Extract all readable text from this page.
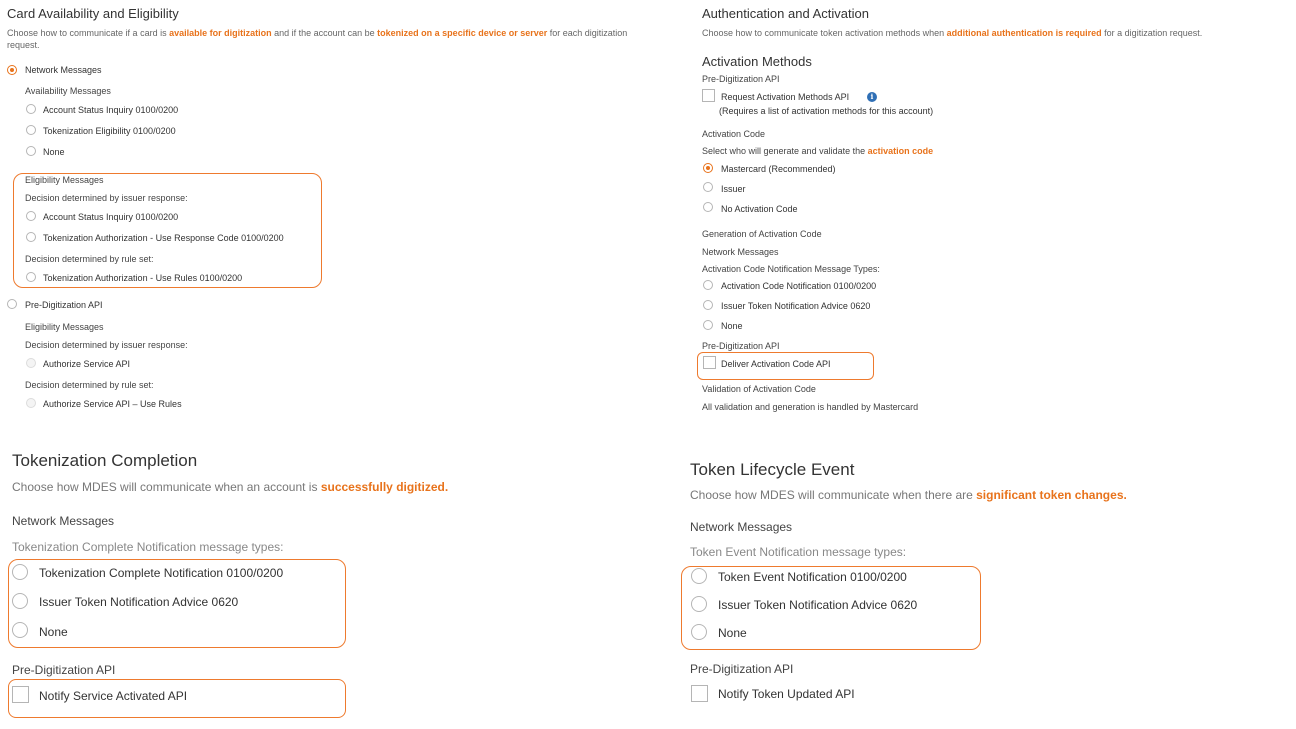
Card Availability and Eligibility
Choose how to communicate if a card is available for digitization and if the account can be tokenized on a specific device or server for each digitization request.
Network Messages
Availability Messages
Account Status Inquiry 0100/0200
Tokenization Eligibility 0100/0200
None
Eligibility Messages
Decision determined by issuer response:
Account Status Inquiry 0100/0200
Tokenization Authorization - Use Response Code 0100/0200
Decision determined by rule set:
Tokenization Authorization - Use Rules 0100/0200
Pre-Digitization API
Eligibility Messages
Decision determined by issuer response:
Authorize Service API
Decision determined by rule set:
Authorize Service API – Use Rules
Authentication and Activation
Choose how to communicate token activation methods when additional authentication is required for a digitization request.
Activation Methods
Pre-Digitization API
Request Activation Methods API	i
(Requires a list of activation methods for this account)
Activation Code
Select who will generate and validate the activation code
Mastercard (Recommended)
Issuer
No Activation Code
Generation of Activation Code
Network Messages
Activation Code Notification Message Types:
Activation Code Notification 0100/0200
Issuer Token Notification Advice 0620
None
Pre-Digitization API
Deliver Activation Code API
Validation of Activation Code
All validation and generation is handled by Mastercard
Tokenization Completion
Choose how MDES will communicate when an account is successfully digitized.
Network Messages
Tokenization Complete Notification message types:
Tokenization Complete Notification 0100/0200
Issuer Token Notification Advice 0620
None
Pre-Digitization API
Notify Service Activated API
Token Lifecycle Event
Choose how MDES will communicate when there are significant token changes.
Network Messages
Token Event Notification message types:
Token Event Notification 0100/0200
Issuer Token Notification Advice 0620
None
Pre-Digitization API
Notify Token Updated API
